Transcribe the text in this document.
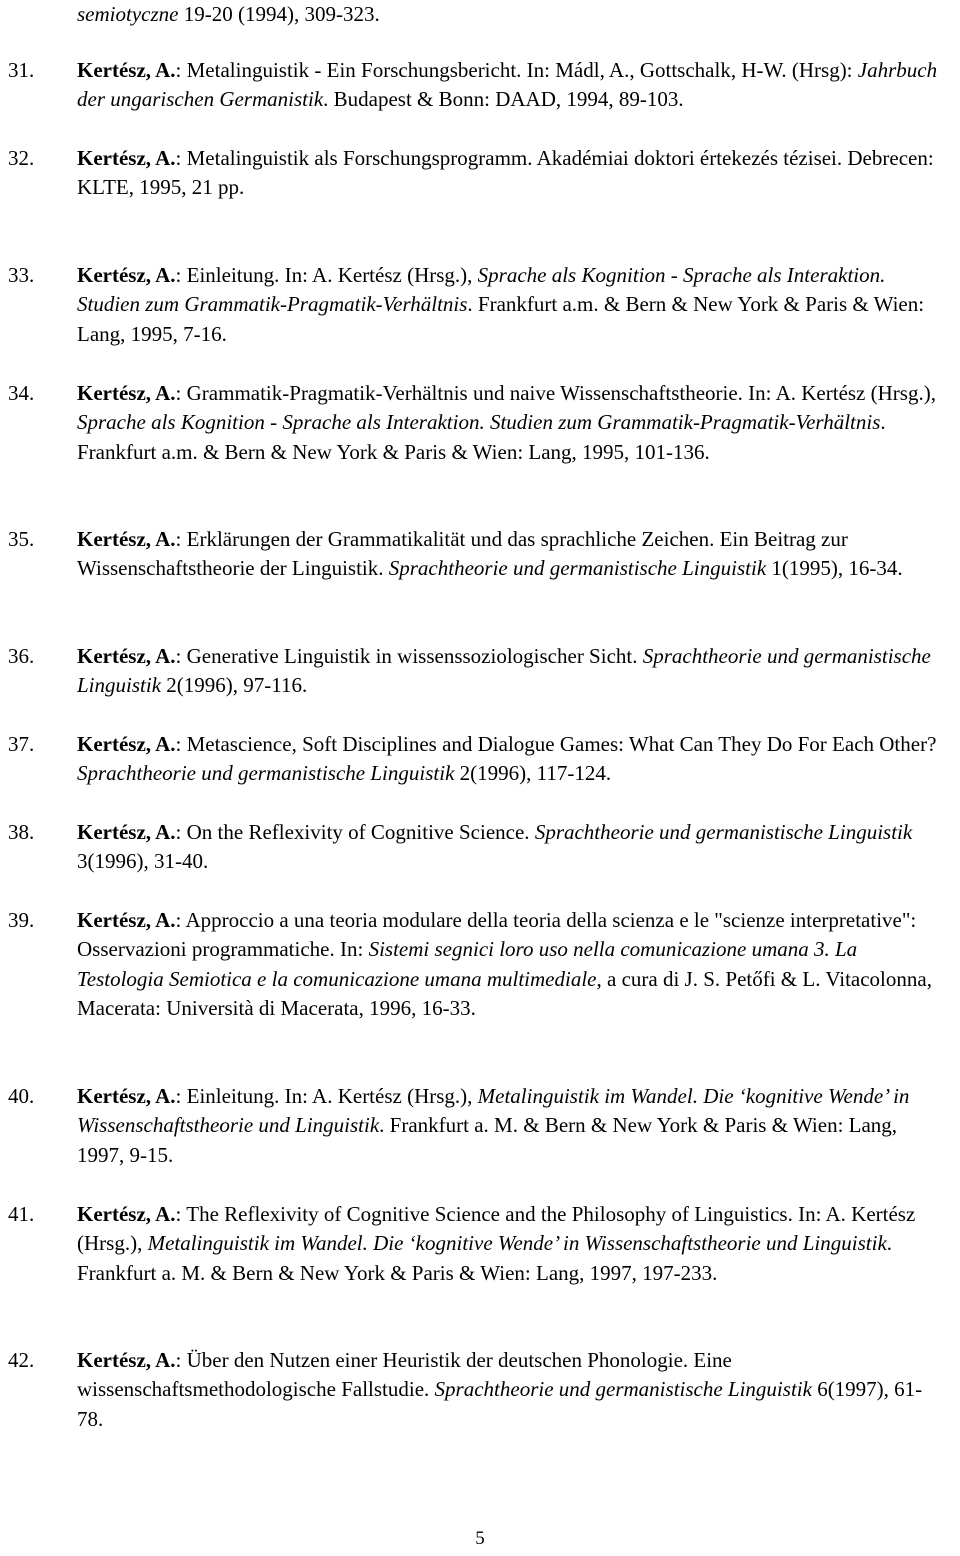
semiotyczne 19-20 (1994), 309-323.
31. Kertész, A.: Metalinguistik - Ein Forschungsbericht. In: Mádl, A., Gottschalk, H-W. (Hrsg): Jahrbuch der ungarischen Germanistik. Budapest & Bonn: DAAD, 1994, 89-103.
32. Kertész, A.: Metalinguistik als Forschungsprogramm. Akadémiai doktori értekezés tézisei. Debrecen: KLTE, 1995, 21 pp.
33. Kertész, A.: Einleitung. In: A. Kertész (Hrsg.), Sprache als Kognition - Sprache als Interaktion. Studien zum Grammatik-Pragmatik-Verhältnis. Frankfurt a.m. & Bern & New York & Paris & Wien: Lang, 1995, 7-16.
34. Kertész, A.: Grammatik-Pragmatik-Verhältnis und naive Wissenschaftstheorie. In: A. Kertész (Hrsg.), Sprache als Kognition - Sprache als Interaktion. Studien zum Grammatik-Pragmatik-Verhältnis. Frankfurt a.m. & Bern & New York & Paris & Wien: Lang, 1995, 101-136.
35. Kertész, A.: Erklärungen der Grammatikalität und das sprachliche Zeichen. Ein Beitrag zur Wissenschaftstheorie der Linguistik. Sprachtheorie und germanistische Linguistik 1(1995), 16-34.
36. Kertész, A.: Generative Linguistik in wissenssoziologischer Sicht. Sprachtheorie und germanistische Linguistik 2(1996), 97-116.
37. Kertész, A.: Metascience, Soft Disciplines and Dialogue Games: What Can They Do For Each Other? Sprachtheorie und germanistische Linguistik 2(1996), 117-124.
38. Kertész, A.: On the Reflexivity of Cognitive Science. Sprachtheorie und germanistische Linguistik 3(1996), 31-40.
39. Kertész, A.: Approccio a una teoria modulare della teoria della scienza e le "scienze interpretative": Osservazioni programmatiche. In: Sistemi segnici loro uso nella comunicazione umana 3. La Testologia Semiotica e la comunicazione umana multimediale, a cura di J. S. Petőfi & L. Vitacolonna, Macerata: Università di Macerata, 1996, 16-33.
40. Kertész, A.: Einleitung. In: A. Kertész (Hrsg.), Metalinguistik im Wandel. Die ‘kognitive Wende’ in Wissenschaftstheorie und Linguistik. Frankfurt a. M. & Bern & New York & Paris & Wien: Lang, 1997, 9-15.
41. Kertész, A.: The Reflexivity of Cognitive Science and the Philosophy of Linguistics. In: A. Kertész (Hrsg.), Metalinguistik im Wandel. Die ‘kognitive Wende’ in Wissenschaftstheorie und Linguistik. Frankfurt a. M. & Bern & New York & Paris & Wien: Lang, 1997, 197-233.
42. Kertész, A.: Über den Nutzen einer Heuristik der deutschen Phonologie. Eine wissenschaftsmethodologische Fallstudie. Sprachtheorie und germanistische Linguistik 6(1997), 61-78.
5
